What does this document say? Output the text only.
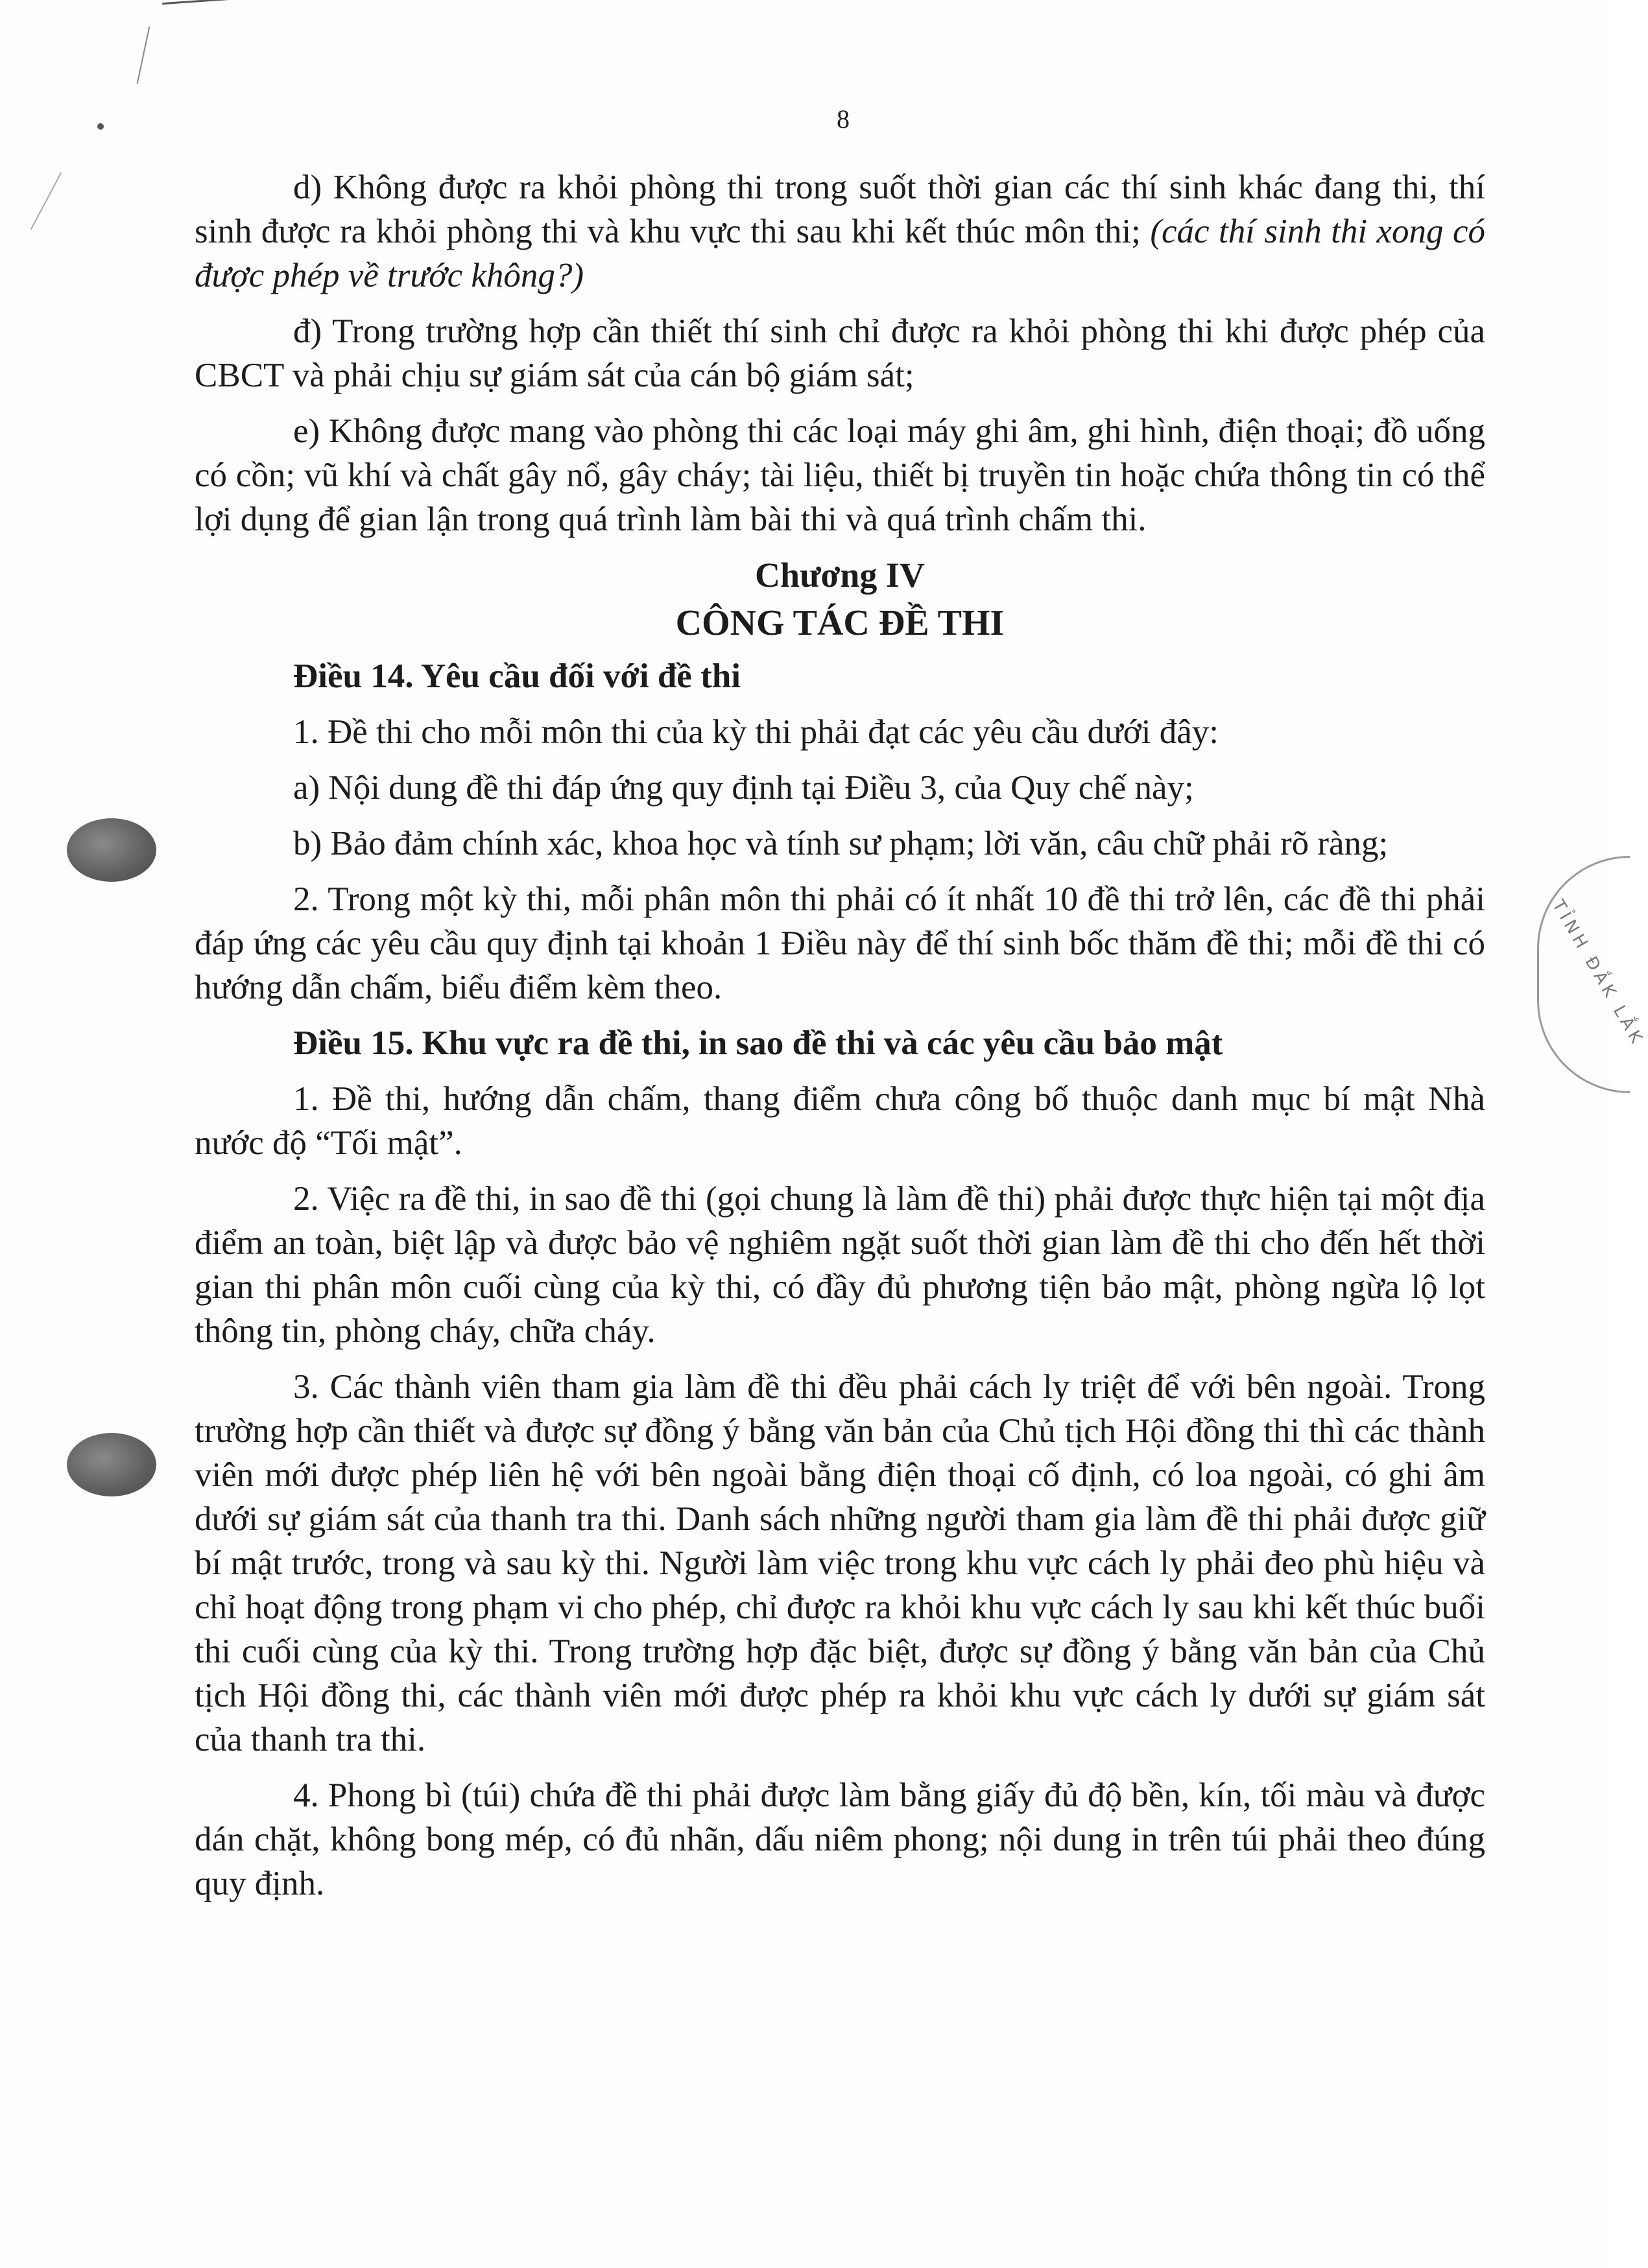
TỈNH ĐẮK LẮK
8

d) Không được ra khỏi phòng thi trong suốt thời gian các thí sinh khác đang thi, thí sinh được ra khỏi phòng thi và khu vực thi sau khi kết thúc môn thi; (các thí sinh thi xong có được phép về trước không?)

đ) Trong trường hợp cần thiết thí sinh chỉ được ra khỏi phòng thi khi được phép của CBCT và phải chịu sự giám sát của cán bộ giám sát;

e) Không được mang vào phòng thi các loại máy ghi âm, ghi hình, điện thoại; đồ uống có cồn; vũ khí và chất gây nổ, gây cháy; tài liệu, thiết bị truyền tin hoặc chứa thông tin có thể lợi dụng để gian lận trong quá trình làm bài thi và quá trình chấm thi.

Chương IV
CÔNG TÁC ĐỀ THI

Điều 14. Yêu cầu đối với đề thi

1. Đề thi cho mỗi môn thi của kỳ thi phải đạt các yêu cầu dưới đây:

a) Nội dung đề thi đáp ứng quy định tại Điều 3, của Quy chế này;

b) Bảo đảm chính xác, khoa học và tính sư phạm; lời văn, câu chữ phải rõ ràng;

2. Trong một kỳ thi, mỗi phân môn thi phải có ít nhất 10 đề thi trở lên, các đề thi phải đáp ứng các yêu cầu quy định tại khoản 1 Điều này để thí sinh bốc thăm đề thi; mỗi đề thi có hướng dẫn chấm, biểu điểm kèm theo.

Điều 15. Khu vực ra đề thi, in sao đề thi và các yêu cầu bảo mật

1. Đề thi, hướng dẫn chấm, thang điểm chưa công bố thuộc danh mục bí mật Nhà nước độ “Tối mật”.

2. Việc ra đề thi, in sao đề thi (gọi chung là làm đề thi) phải được thực hiện tại một địa điểm an toàn, biệt lập và được bảo vệ nghiêm ngặt suốt thời gian làm đề thi cho đến hết thời gian thi phân môn cuối cùng của kỳ thi, có đầy đủ phương tiện bảo mật, phòng ngừa lộ lọt thông tin, phòng cháy, chữa cháy.

3. Các thành viên tham gia làm đề thi đều phải cách ly triệt để với bên ngoài. Trong trường hợp cần thiết và được sự đồng ý bằng văn bản của Chủ tịch Hội đồng thi thì các thành viên mới được phép liên hệ với bên ngoài bằng điện thoại cố định, có loa ngoài, có ghi âm dưới sự giám sát của thanh tra thi. Danh sách những người tham gia làm đề thi phải được giữ bí mật trước, trong và sau kỳ thi. Người làm việc trong khu vực cách ly phải đeo phù hiệu và chỉ hoạt động trong phạm vi cho phép, chỉ được ra khỏi khu vực cách ly sau khi kết thúc buổi thi cuối cùng của kỳ thi. Trong trường hợp đặc biệt, được sự đồng ý bằng văn bản của Chủ tịch Hội đồng thi, các thành viên mới được phép ra khỏi khu vực cách ly dưới sự giám sát của thanh tra thi.

4. Phong bì (túi) chứa đề thi phải được làm bằng giấy đủ độ bền, kín, tối màu và được dán chặt, không bong mép, có đủ nhãn, dấu niêm phong; nội dung in trên túi phải theo đúng quy định.
